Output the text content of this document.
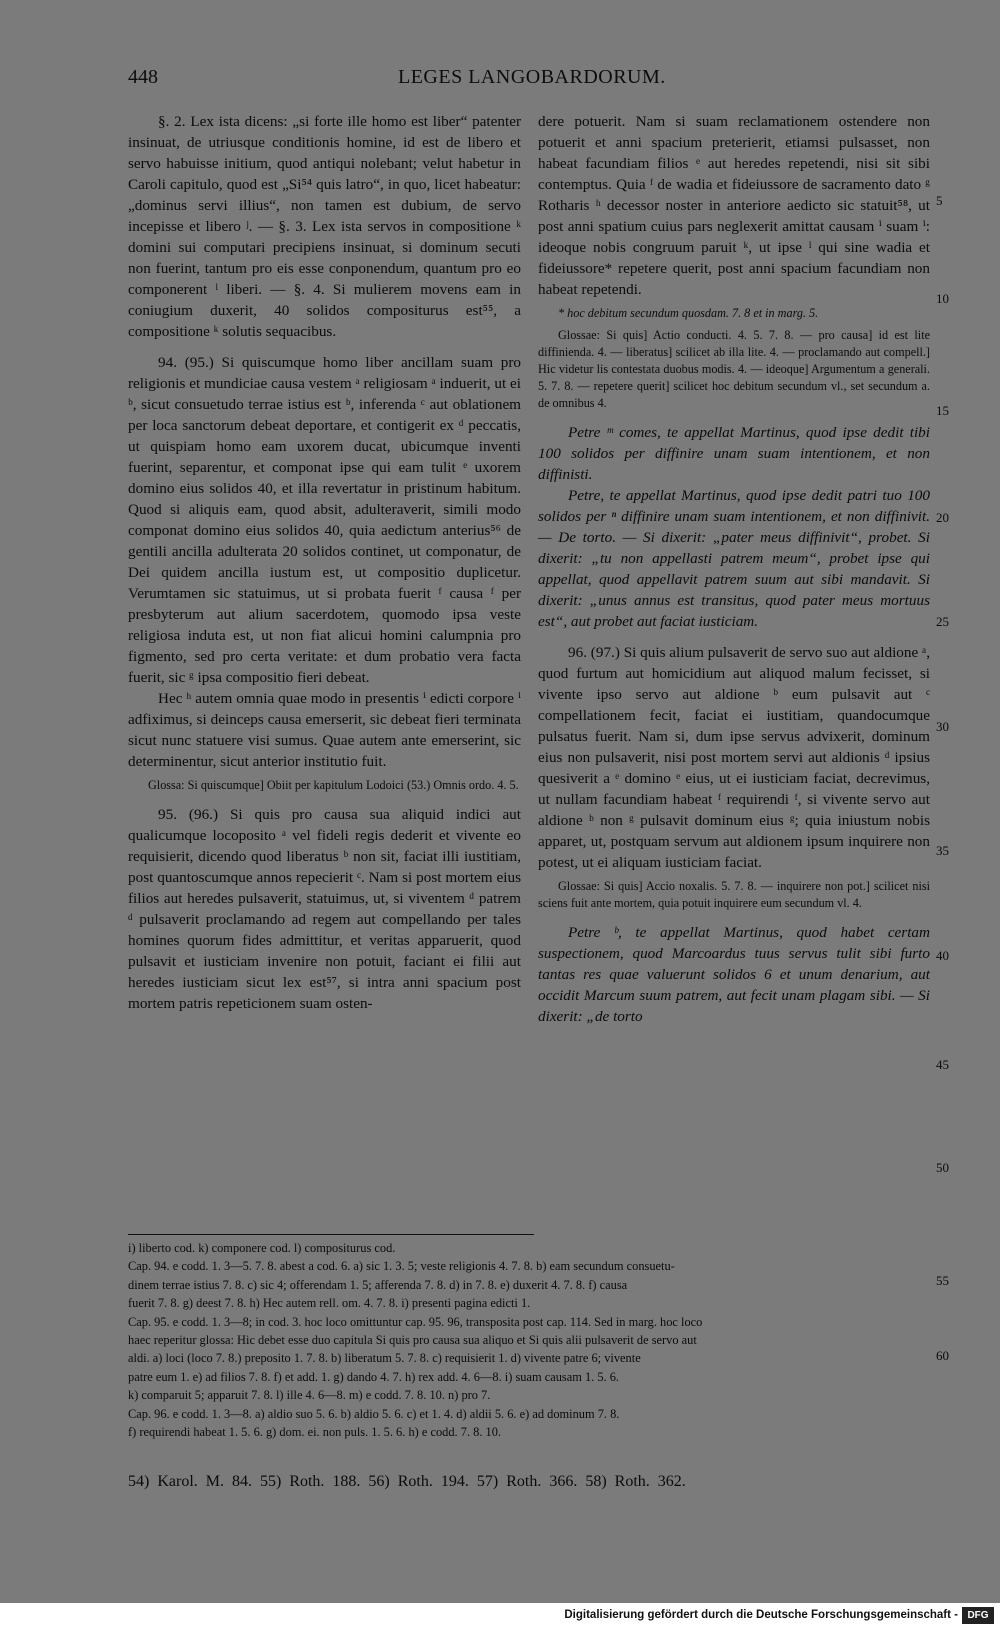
448	LEGES LANGOBARDORUM.

§. 2. Lex ista dicens: „si forte ille homo est liber“ patenter insinuat, de utriusque conditionis homine, id est de libero et servo habuisse initium, quod antiqui nolebant; velut habetur in Caroli capitulo, quod est „Si⁵⁴ quis latro“, in quo, licet habeatur: „dominus servi illius“, non tamen est dubium, de servo incepisse et libero ʲ. — §. 3. Lex ista servos in compositione ᵏ domini sui computari precipiens insinuat, si dominum secuti non fuerint, tantum pro eis esse conponendum, quantum pro eo componerent ˡ liberi. — §. 4. Si mulierem movens eam in coniugium duxerit, 40 solidos compositurus est⁵⁵, a compositione ᵏ solutis sequacibus.

94. (95.) Si quiscumque homo liber ancillam suam pro religionis et mundiciae causa vestem ᵃ religiosam ᵃ induerit, ut ei ᵇ, sicut consuetudo terrae istius est ᵇ, inferenda ᶜ aut oblationem per loca sanctorum debeat deportare, et contigerit ex ᵈ peccatis, ut quispiam homo eam uxorem ducat, ubicumque inventi fuerint, separentur, et componat ipse qui eam tulit ᵉ uxorem domino eius solidos 40, et illa revertatur in pristinum habitum. Quod si aliquis eam, quod absit, adulteraverit, simili modo componat domino eius solidos 40, quia aedictum anterius⁵⁶ de gentili ancilla adulterata 20 solidos continet, ut componatur, de Dei quidem ancilla iustum est, ut compositio duplicetur. Verumtamen sic statuimus, ut si probata fuerit ᶠ causa ᶠ per presbyterum aut alium sacerdotem, quomodo ipsa veste religiosa induta est, ut non fiat alicui homini calumpnia pro figmento, sed pro certa veritate: et dum probatio vera facta fuerit, sic ᵍ ipsa compositio fieri debeat.

Hec ʰ autem omnia quae modo in presentis ⁱ edicti corpore ⁱ adfiximus, si deinceps causa emerserit, sic debeat fieri terminata sicut nunc statuere visi sumus. Quae autem ante emerserint, sic determinentur, sicut anterior institutio fuit.

Glossa: Si quiscumque] Obiit per kapitulum Lodoici (53.) Omnis ordo. 4. 5.

95. (96.) Si quis pro causa sua aliquid indici aut qualicumque locoposito ᵃ vel fideli regis dederit et vivente eo requisierit, dicendo quod liberatus ᵇ non sit, faciat illi iustitiam, post quantoscumque annos repecierit ᶜ. Nam si post mortem eius filios aut heredes pulsaverit, statuimus, ut, si viventem ᵈ patrem ᵈ pulsaverit proclamando ad regem aut compellando per tales homines quorum fides admittitur, et veritas apparuerit, quod pulsavit et iusticiam invenire non potuit, faciant ei filii aut heredes iusticiam sicut lex est⁵⁷, si intra anni spacium post mortem patris repeticionem suam osten-

dere potuerit. Nam si suam reclamationem ostendere non potuerit et anni spacium preterierit, etiamsi pulsasset, non habeat facundiam filios ᵉ aut heredes repetendi, nisi sit sibi contemptus. Quia ᶠ de wadia et fideiussore de sacramento dato ᵍ Rotharis ʰ decessor noster in anteriore aedicto sic statuit⁵⁸, ut post anni spatium cuius pars neglexerit amittat causam ⁱ suam ⁱ: ideoque nobis congruum paruit ᵏ, ut ipse ˡ qui sine wadia et fideiussore* repetere querit, post anni spacium facundiam non habeat repetendi.

* hoc debitum secundum quosdam. 7. 8 et in marg. 5.

Glossae: Si quis] Actio conducti. 4. 5. 7. 8. — pro causa] id est lite diffinienda. 4. — liberatus] scilicet ab illa lite. 4. — proclamando aut compell.] Hic videtur lis contestata duobus modis. 4. — ideoque] Argumentum a generali. 5. 7. 8. — repetere querit] scilicet hoc debitum secundum vl., set secundum a. de omnibus 4.

Petre ᵐ comes, te appellat Martinus, quod ipse dedit tibi 100 solidos per diffinire unam suam intentionem, et non diffinisti.

Petre, te appellat Martinus, quod ipse dedit patri tuo 100 solidos per ⁿ diffinire unam suam intentionem, et non diffinivit. — De torto. — Si dixerit: „pater meus diffinivit“, probet. Si dixerit: „tu non appellasti patrem meum“, probet ipse qui appellat, quod appellavit patrem suum aut sibi mandavit. Si dixerit: „unus annus est transitus, quod pater meus mortuus est“, aut probet aut faciat iusticiam.

96. (97.) Si quis alium pulsaverit de servo suo aut aldione ᵃ, quod furtum aut homicidium aut aliquod malum fecisset, si vivente ipso servo aut aldione ᵇ eum pulsavit aut ᶜ compellationem fecit, faciat ei iustitiam, quandocumque pulsatus fuerit. Nam si, dum ipse servus advixerit, dominum eius non pulsaverit, nisi post mortem servi aut aldionis ᵈ ipsius quesiverit a ᵉ domino ᵉ eius, ut ei iusticiam faciat, decrevimus, ut nullam facundiam habeat ᶠ requirendi ᶠ, si vivente servo aut aldione ᵇ non ᵍ pulsavit dominum eius ᵍ; quia iniustum nobis apparet, ut, postquam servum aut aldionem ipsum inquirere non potest, ut ei aliquam iusticiam faciat.

Glossae: Si quis] Accio noxalis. 5. 7. 8. — inquirere non pot.] scilicet nisi sciens fuit ante mortem, quia potuit inquirere eum secundum vl. 4.

Petre ᵇ, te appellat Martinus, quod habet certam suspectionem, quod Marcoardus tuus servus tulit sibi furto tantas res quae valuerunt solidos 6 et unum denarium, aut occidit Marcum suum patrem, aut fecit unam plagam sibi. — Si dixerit: „de torto

5
10
15
20
25
30
35
40
45
50
55
60
i) liberto cod. k) componere cod. l) compositurus cod.
Cap. 94. e codd. 1. 3—5. 7. 8. abest a cod. 6. a) sic 1. 3. 5; veste religionis 4. 7. 8. b) eam secundum consuetu-
dinem terrae istius 7. 8. c) sic 4; offerendam 1. 5; afferenda 7. 8. d) in 7. 8. e) duxerit 4. 7. 8. f) causa
fuerit 7. 8. g) deest 7. 8. h) Hec autem rell. om. 4. 7. 8. i) presenti pagina edicti 1.
Cap. 95. e codd. 1. 3—8; in cod. 3. hoc loco omittuntur cap. 95. 96, transposita post cap. 114. Sed in marg. hoc loco
haec reperitur glossa: Hic debet esse duo capitula Si quis pro causa sua aliquo et Si quis alii pulsaverit de servo aut
aldi. a) loci (loco 7. 8.) preposito 1. 7. 8. b) liberatum 5. 7. 8. c) requisierit 1. d) vivente patre 6; vivente
patre eum 1. e) ad filios 7. 8. f) et add. 1. g) dando 4. 7. h) rex add. 4. 6—8. i) suam causam 1. 5. 6.
k) comparuit 5; apparuit 7. 8. l) ille 4. 6—8. m) e codd. 7. 8. 10. n) pro 7.
Cap. 96. e codd. 1. 3—8. a) aldio suo 5. 6. b) aldio 5. 6. c) et 1. 4. d) aldii 5. 6. e) ad dominum 7. 8.
f) requirendi habeat 1. 5. 6. g) dom. ei. non puls. 1. 5. 6. h) e codd. 7. 8. 10.
54) Karol. M. 84. 55) Roth. 188. 56) Roth. 194. 57) Roth. 366. 58) Roth. 362.
Digitalisierung gefördert durch die Deutsche Forschungsgemeinschaft - DFG
